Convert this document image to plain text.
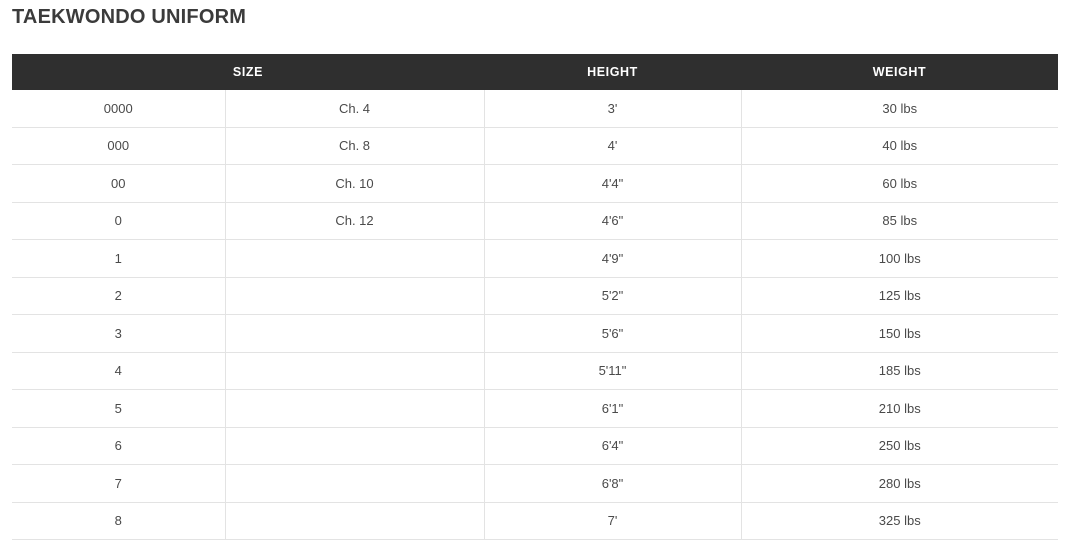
TAEKWONDO UNIFORM
SIZE		HEIGHT	WEIGHT
0000	Ch. 4	3'	30 lbs
000	Ch. 8	4'	40 lbs
00	Ch. 10	4'4"	60 lbs
0	Ch. 12	4'6"	85 lbs
1		4'9"	100 lbs
2		5'2"	125 lbs
3		5'6"	150 lbs
4		5'11"	185 lbs
5		6'1"	210 lbs
6		6'4"	250 lbs
7		6'8"	280 lbs
8		7'	325 lbs
